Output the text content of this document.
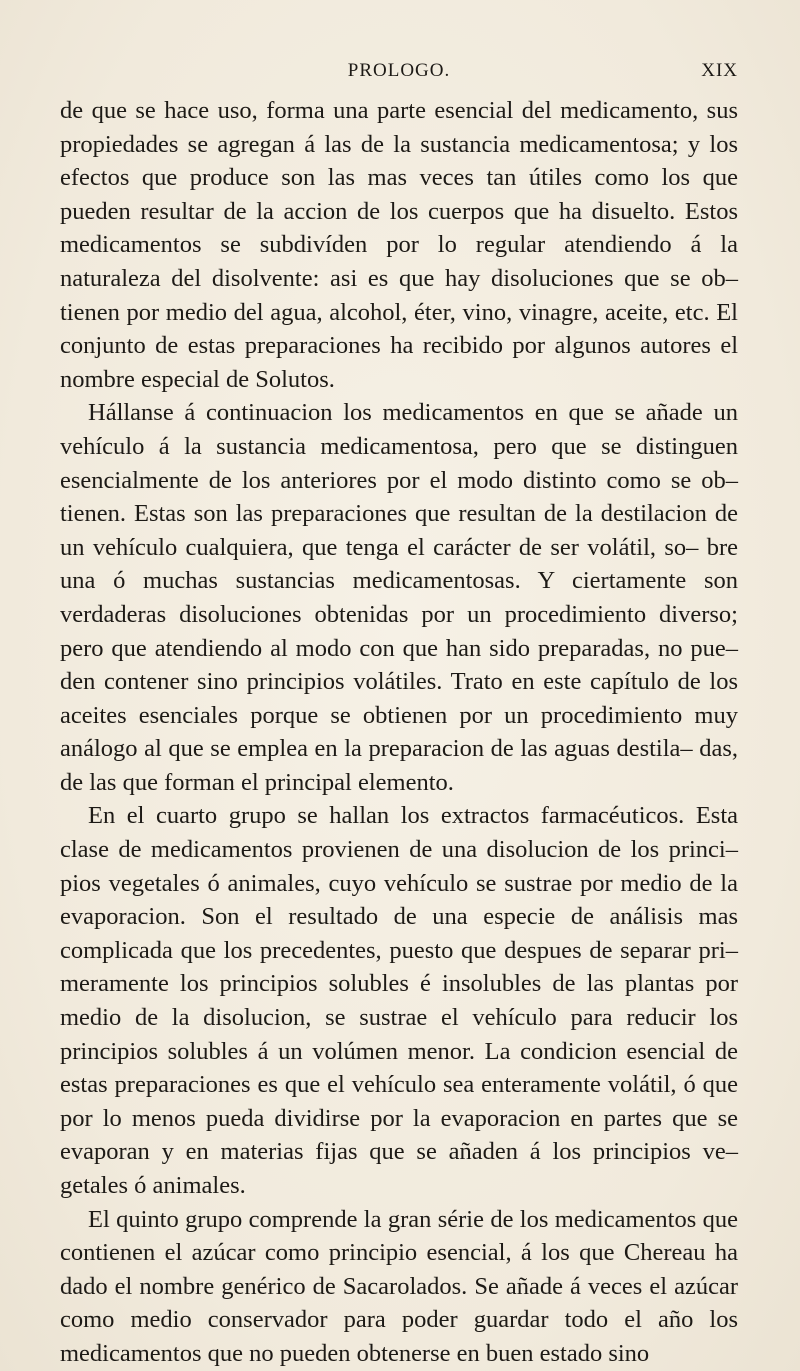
PROLOGO.	XIX

de que se hace uso, forma una parte esencial del medicamento, sus propiedades se agregan á las de la sustancia medicamentosa; y los efectos que produce son las mas veces tan útiles como los que pueden resultar de la accion de los cuerpos que ha disuelto. Estos medicamentos se subdivíden por lo regular atendiendo á la naturaleza del disolvente: asi es que hay disoluciones que se ob– tienen por medio del agua, alcohol, éter, vino, vinagre, aceite, etc. El conjunto de estas preparaciones ha recibido por algunos autores el nombre especial de Solutos.

Hállanse á continuacion los medicamentos en que se añade un vehículo á la sustancia medicamentosa, pero que se distinguen esencialmente de los anteriores por el modo distinto como se ob– tienen. Estas son las preparaciones que resultan de la destilacion de un vehículo cualquiera, que tenga el carácter de ser volátil, so– bre una ó muchas sustancias medicamentosas. Y ciertamente son verdaderas disoluciones obtenidas por un procedimiento diverso; pero que atendiendo al modo con que han sido preparadas, no pue– den contener sino principios volátiles. Trato en este capítulo de los aceites esenciales porque se obtienen por un procedimiento muy análogo al que se emplea en la preparacion de las aguas destila– das, de las que forman el principal elemento.

En el cuarto grupo se hallan los extractos farmacéuticos. Esta clase de medicamentos provienen de una disolucion de los princi– pios vegetales ó animales, cuyo vehículo se sustrae por medio de la evaporacion. Son el resultado de una especie de análisis mas complicada que los precedentes, puesto que despues de separar pri– meramente los principios solubles é insolubles de las plantas por medio de la disolucion, se sustrae el vehículo para reducir los principios solubles á un volúmen menor. La condicion esencial de estas preparaciones es que el vehículo sea enteramente volátil, ó que por lo menos pueda dividirse por la evaporacion en partes que se evaporan y en materias fijas que se añaden á los principios ve– getales ó animales.

El quinto grupo comprende la gran série de los medicamentos que contienen el azúcar como principio esencial, á los que Chereau ha dado el nombre genérico de Sacarolados. Se añade á veces el azúcar como medio conservador para poder guardar todo el año los medicamentos que no pueden obtenerse en buen estado sino
